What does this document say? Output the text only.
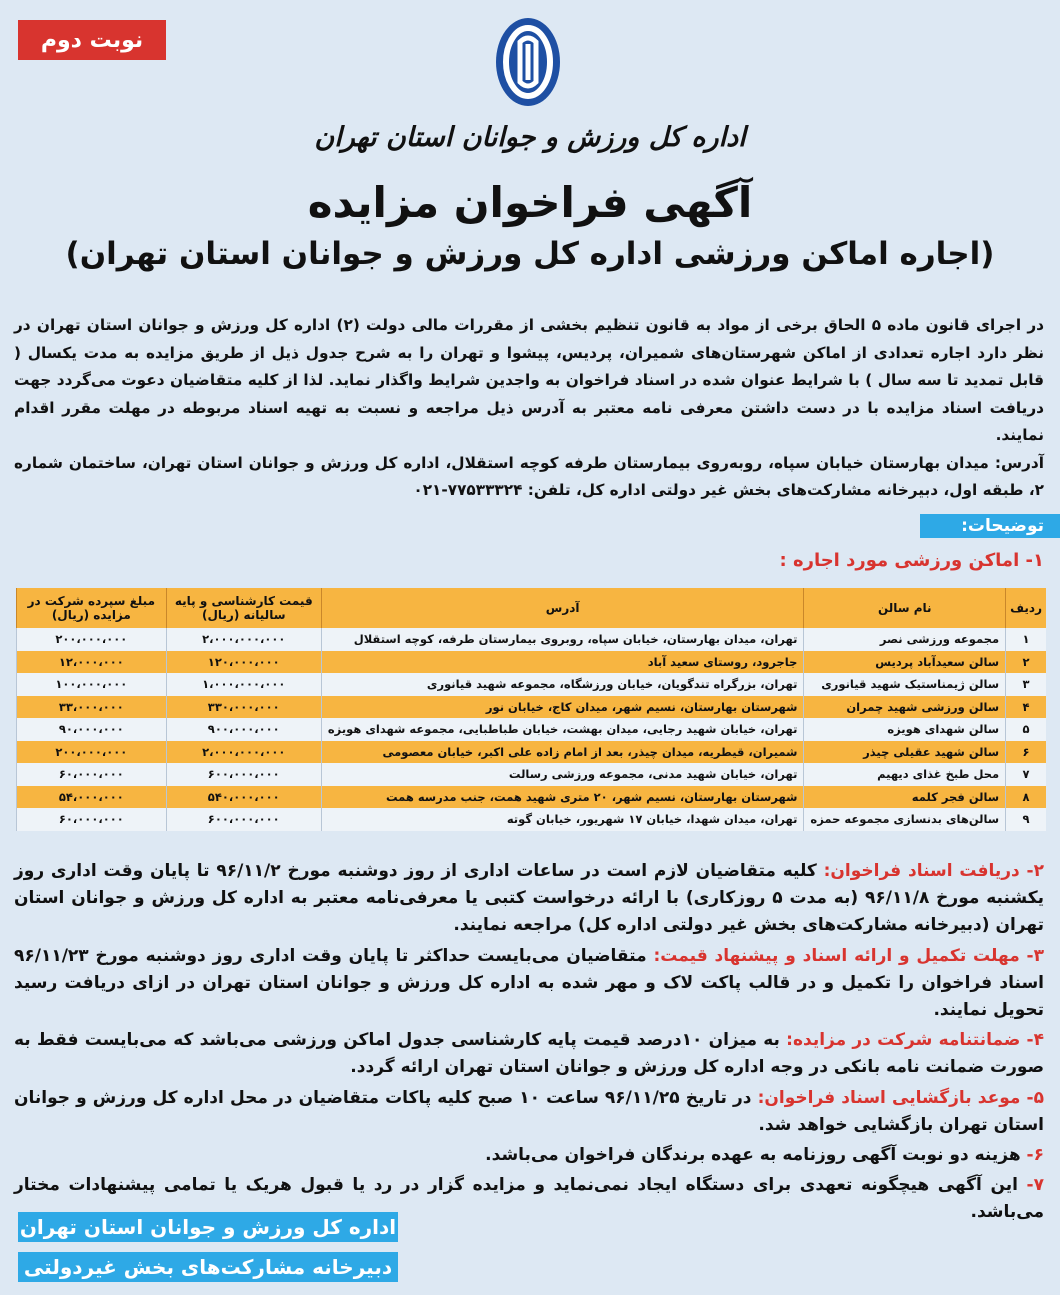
نوبت دوم
اداره کل ورزش و جوانان استان تهران
آگهی فراخوان مزایده
(اجاره اماکن ورزشی اداره کل ورزش و جوانان استان تهران)

در اجرای قانون ماده ۵ الحاق برخی از مواد به قانون تنظیم بخشی از مقررات مالی دولت (۲) اداره کل ورزش و جوانان استان تهران در نظر دارد اجاره تعدادی از اماکن شهرستان‌های شمیران، پردیس، پیشوا و تهران را به شرح جدول ذیل از طریق مزایده به مدت یکسال ( قابل تمدید تا سه سال ) با شرایط عنوان شده در اسناد فراخوان به واجدین شرایط واگذار نماید. لذا از کلیه متقاضیان دعوت می‌گردد جهت دریافت اسناد مزایده با در دست داشتن معرفی نامه معتبر به آدرس ذیل مراجعه و نسبت به تهیه اسناد مربوطه در مهلت مقرر اقدام نمایند.

آدرس: میدان بهارستان خیابان سپاه، روبه‌روی بیمارستان طرفه کوچه استقلال، اداره کل ورزش و جوانان استان تهران، ساختمان شماره ۲، طبقه اول، دبیرخانه مشارکت‌های بخش غیر دولتی اداره کل، تلفن: ۷۷۵۳۳۳۲۴-۰۲۱

توضیحات:
۱- اماکن ورزشی مورد اجاره :
ردیف	نام سالن	آدرس	قیمت کارشناسی و پایه سالیانه (ریال)	مبلغ سپرده شرکت در مزایده (ریال)
۱	مجموعه ورزشی نصر	تهران، میدان بهارستان، خیابان سپاه، روبروی بیمارستان طرفه، کوچه استقلال	۲،۰۰۰،۰۰۰،۰۰۰	۲۰۰،۰۰۰،۰۰۰
۲	سالن سعیدآباد پردیس	جاجرود، روستای سعید آباد	۱۲۰،۰۰۰،۰۰۰	۱۲،۰۰۰،۰۰۰
۳	سالن ژیمناستیک شهید قیانوری	تهران، بزرگراه تندگویان، خیابان ورزشگاه، مجموعه شهید قیانوری	۱،۰۰۰،۰۰۰،۰۰۰	۱۰۰،۰۰۰،۰۰۰
۴	سالن ورزشی شهید چمران	شهرستان بهارستان، نسیم شهر، میدان کاج، خیابان نور	۳۳۰،۰۰۰،۰۰۰	۳۳،۰۰۰،۰۰۰
۵	سالن شهدای هویزه	تهران، خیابان شهید رجایی، میدان بهشت، خیابان طباطبایی، مجموعه شهدای هویزه	۹۰۰،۰۰۰،۰۰۰	۹۰،۰۰۰،۰۰۰
۶	سالن شهید عقیلی چیذر	شمیران، قیطریه، میدان چیذر، بعد از امام زاده علی اکبر، خیابان معصومی	۲،۰۰۰،۰۰۰،۰۰۰	۲۰۰،۰۰۰،۰۰۰
۷	محل طبخ غذای دیهیم	تهران، خیابان شهید مدنی، مجموعه ورزشی رسالت	۶۰۰،۰۰۰،۰۰۰	۶۰،۰۰۰،۰۰۰
۸	سالن فجر کلمه	شهرستان بهارستان، نسیم شهر، ۲۰ متری شهید همت، جنب مدرسه همت	۵۴۰،۰۰۰،۰۰۰	۵۴،۰۰۰،۰۰۰
۹	سالن‌های بدنسازی مجموعه حمزه	تهران، میدان شهدا، خیابان ۱۷ شهریور، خیابان گوته	۶۰۰،۰۰۰،۰۰۰	۶۰،۰۰۰،۰۰۰

۲- دریافت اسناد فراخوان: کلیه متقاضیان لازم است در ساعات اداری از روز دوشنبه مورخ ۹۶/۱۱/۲ تا پایان وقت اداری روز یکشنبه مورخ ۹۶/۱۱/۸ (به مدت ۵ روزکاری) با ارائه درخواست کتبی یا معرفی‌نامه معتبر به اداره کل ورزش و جوانان استان تهران (دبیرخانه مشارکت‌های بخش غیر دولتی اداره کل) مراجعه نمایند.

۳- مهلت تکمیل و ارائه اسناد و پیشنهاد قیمت: متقاضیان می‌بایست حداکثر تا پایان وقت اداری روز دوشنبه مورخ ۹۶/۱۱/۲۳ اسناد فراخوان را تکمیل و در قالب پاکت لاک و مهر شده به اداره کل ورزش و جوانان استان تهران در ازای دریافت رسید تحویل نمایند.

۴- ضمانتنامه شرکت در مزایده: به میزان ۱۰درصد قیمت پایه کارشناسی جدول اماکن ورزشی می‌باشد که می‌بایست فقط به صورت ضمانت نامه بانکی در وجه اداره کل ورزش و جوانان استان تهران ارائه گردد.

۵- موعد بازگشایی اسناد فراخوان: در تاریخ ۹۶/۱۱/۲۵ ساعت ۱۰ صبح کلیه پاکات متقاضیان در محل اداره کل ورزش و جوانان استان تهران بازگشایی خواهد شد.

۶- هزینه دو نوبت آگهی روزنامه به عهده برندگان فراخوان می‌باشد.

۷- این آگهی هیچگونه تعهدی برای دستگاه ایجاد نمی‌نماید و مزایده گزار در رد یا قبول هریک یا تمامی پیشنهادات مختار می‌باشد.

اداره کل ورزش و جوانان استان تهران
دبیرخانه مشارکت‌های بخش غیردولتی
